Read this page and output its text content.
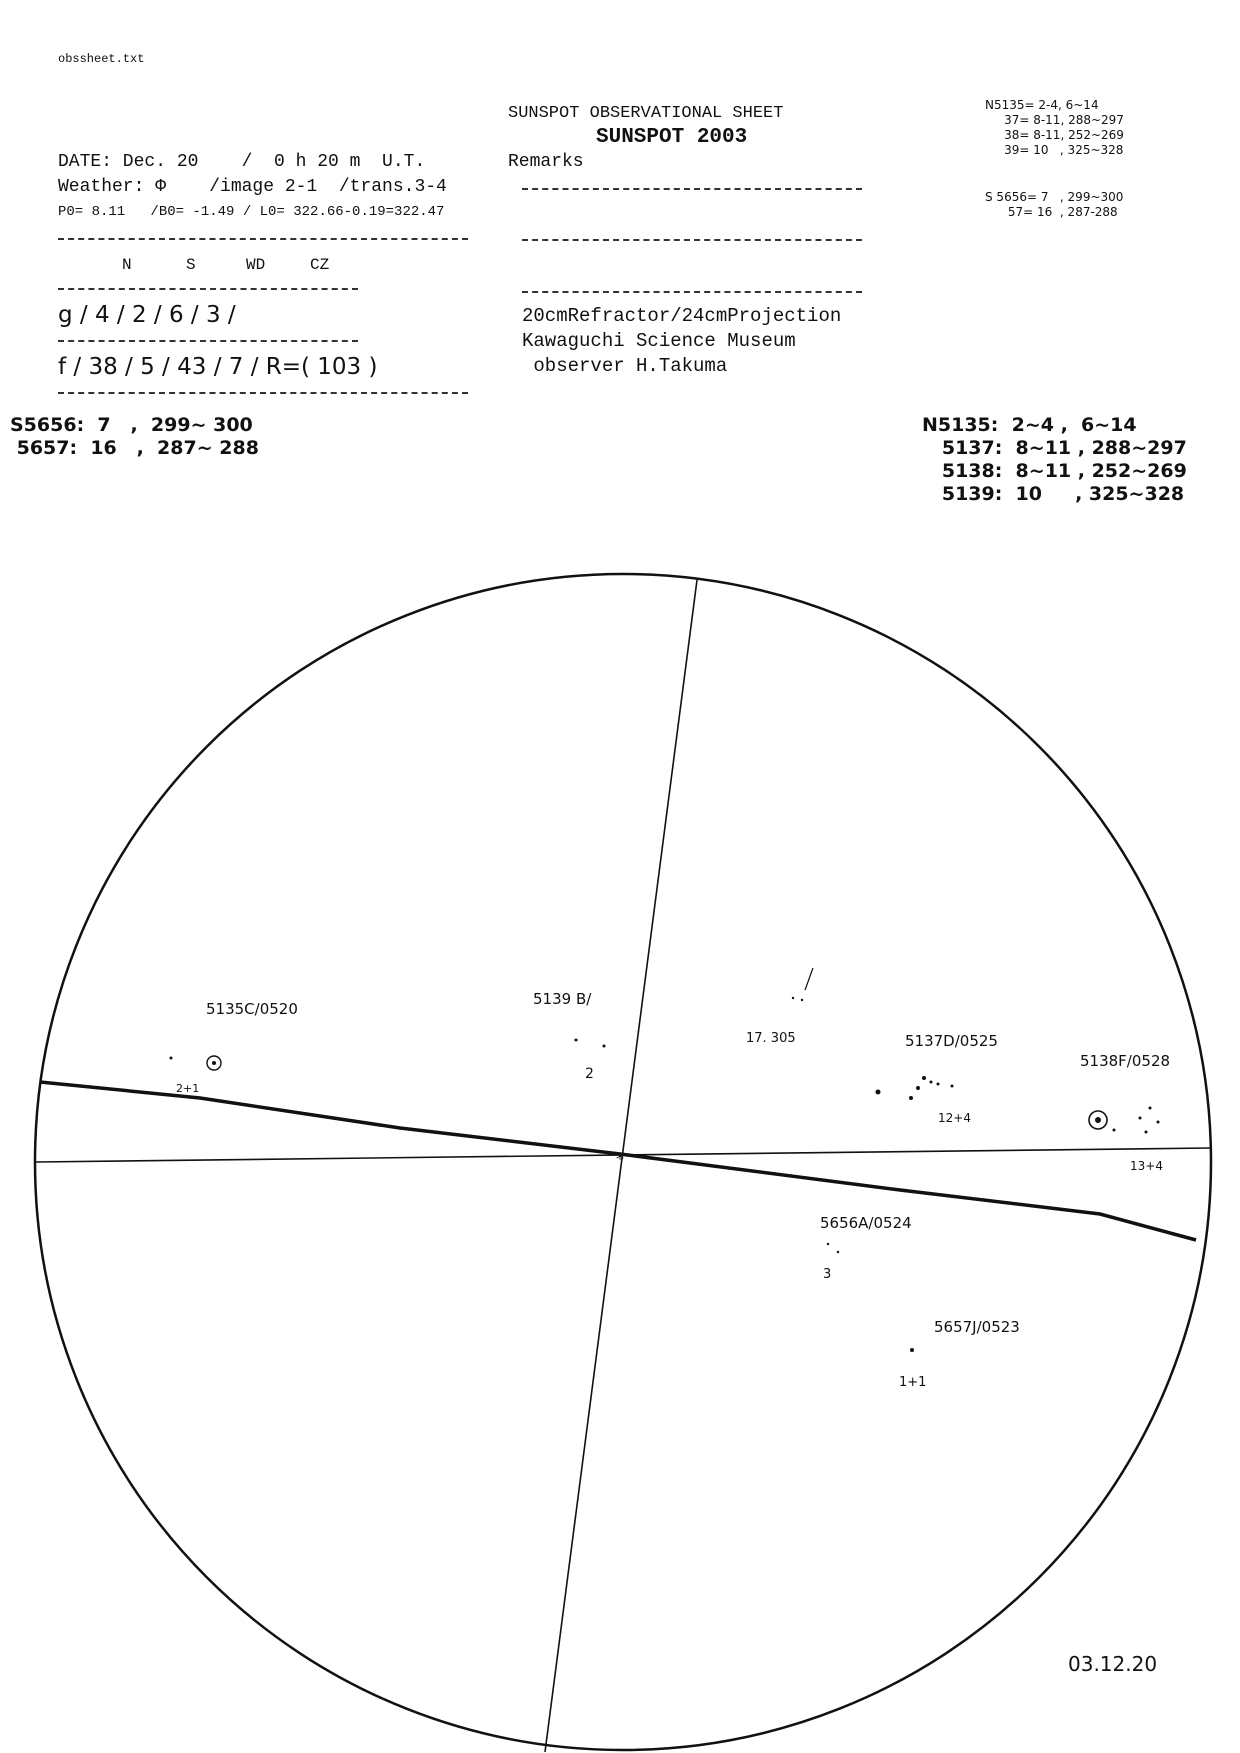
obssheet.txt
SUNSPOT OBSERVATIONAL SHEET
SUNSPOT 2003
DATE: Dec. 20    /  0 h 20 m  U.T.
Weather: Φ    /image 2-1  /trans.3-4
P0= 8.11   /B0= -1.49 / L0= 322.66-0.19=322.47
N	S	WD	CZ
g / 4 / 2 / 6 / 3 /
f / 38 / 5 / 43 / 7 / R=( 103 )
Remarks
20cmRefractor/24cmProjection
Kawaguchi Science Museum
observer H.Takuma
N5135= 2-4, 6~14
37= 8-11, 288~297
38= 8-11, 252~269
39= 10   , 325~328
S 5656= 7   , 299~300
57= 16  , 287-288
S5656:  7   ,  299~ 300
5657:  16   ,  287~ 288
N5135:  2~4 ,  6~14
5137:  8~11 , 288~297
5138:  8~11 , 252~269
5139:  10     , 325~328
*
5135C/0520
2+1
5139 B/
2
17. 305	5137D/0525
12+4
5138F/0528
13+4
5656A/0524
3
5657J/0523
1+1
03.12.20
